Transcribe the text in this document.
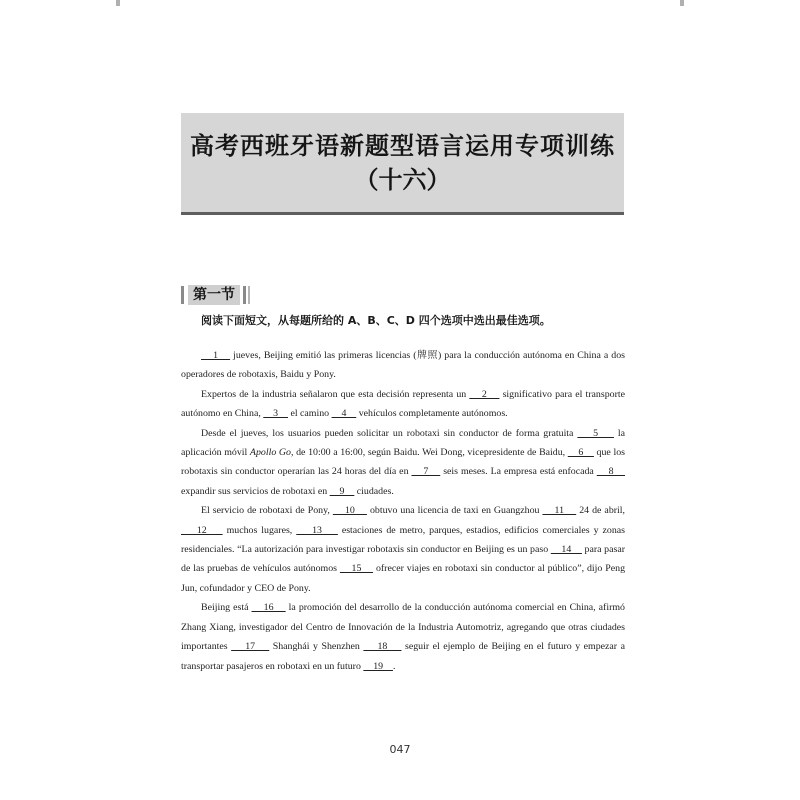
高考西班牙语新题型语言运用专项训练
（十六）
第一节
阅读下面短文，从每题所给的 A、B、C、D 四个选项中选出最佳选项。

1     jueves, Beijing emitió las primeras licencias (牌照) para la conducción autónoma en China a dos operadores de robotaxis, Baidu y Pony.

Expertos de la industria señalaron que esta decisión representa un     2     significativo para el transporte autónomo en China,     3     el camino     4     vehículos completamente autónomos.

Desde el jueves, los usuarios pueden solicitar un robotaxi sin conductor de forma gratuita     5     la aplicación móvil Apollo Go, de 10:00 a 16:00, según Baidu. Wei Dong, vicepresidente de Baidu,     6     que los robotaxis sin conductor operarían las 24 horas del día en     7     seis meses. La empresa está enfocada     8     expandir sus servicios de robotaxi en     9     ciudades.

El servicio de robotaxi de Pony,     10     obtuvo una licencia de taxi en Guangzhou     11     24 de abril,     12     muchos lugares,     13     estaciones de metro, parques, estadios, edificios comerciales y zonas residenciales. “La autorización para investigar robotaxis sin conductor en Beijing es un paso     14     para pasar de las pruebas de vehículos autónomos     15     ofrecer viajes en robotaxi sin conductor al público”, dijo Peng Jun, cofundador y CEO de Pony.

Beijing está     16     la promoción del desarrollo de la conducción autónoma comercial en China, afirmó Zhang Xiang, investigador del Centro de Innovación de la Industria Automotriz, agregando que otras ciudades importantes     17     Shanghái y Shenzhen     18     seguir el ejemplo de Beijing en el futuro y empezar a transportar pasajeros en robotaxi en un futuro     19    .

047
